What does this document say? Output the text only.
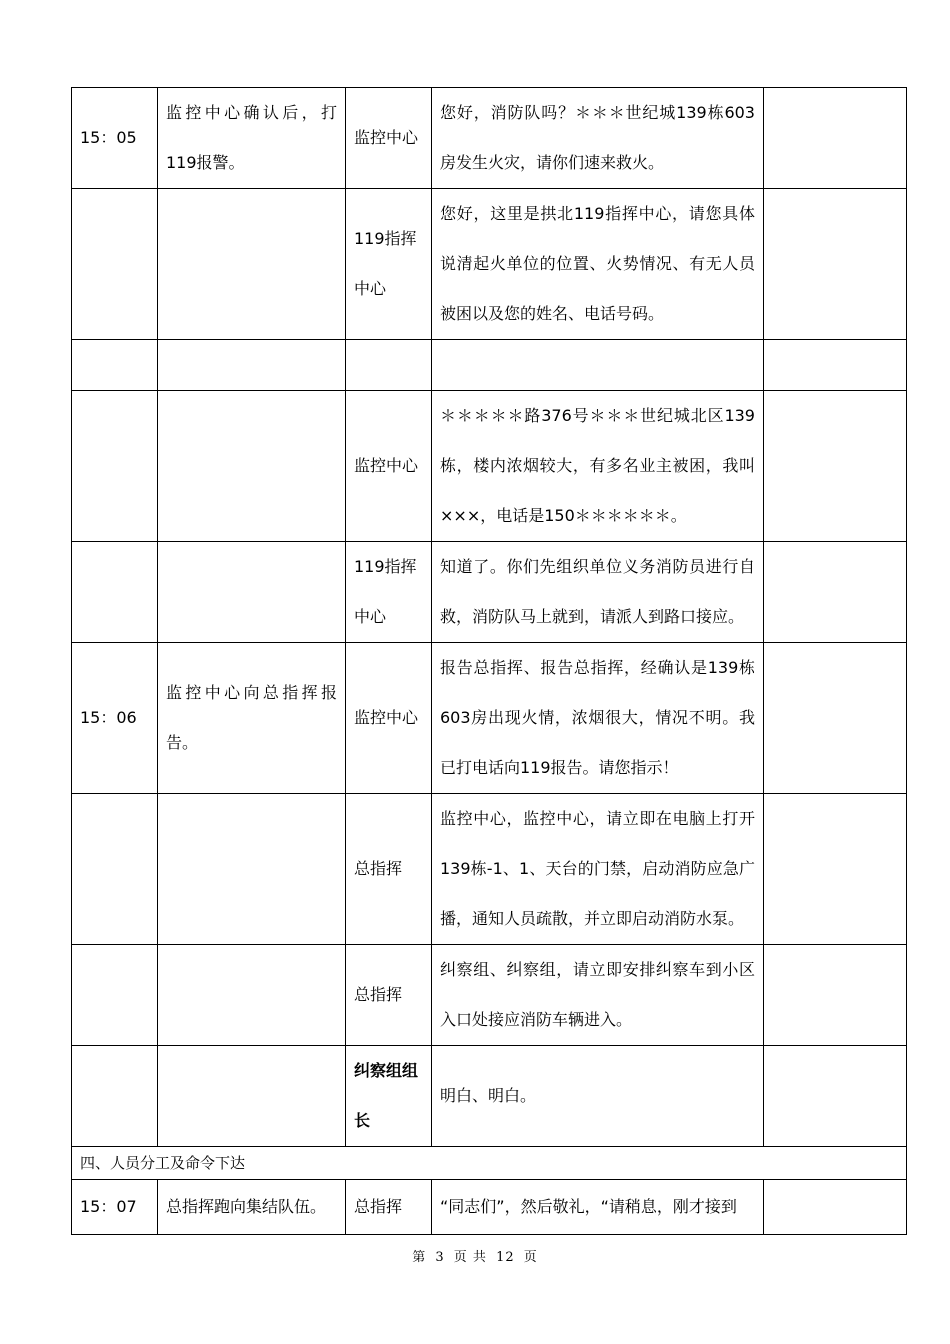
15：05	监控中心确认后，打119报警。	监控中心	您好，消防队吗？＊＊＊世纪城139栋603房发生火灾，请你们速来救火。	
		119指挥中心	您好，这里是拱北119指挥中心，请您具体说清起火单位的位置、火势情况、有无人员被困以及您的姓名、电话号码。	

		监控中心	＊＊＊＊＊路376号＊＊＊世纪城北区139栋，楼内浓烟较大，有多名业主被困，我叫×××，电话是150＊＊＊＊＊＊。	
		119指挥中心	知道了。你们先组织单位义务消防员进行自救，消防队马上就到，请派人到路口接应。	
15：06	监控中心向总指挥报告。	监控中心	报告总指挥、报告总指挥，经确认是139栋603房出现火情，浓烟很大，情况不明。我已打电话向119报告。请您指示！	
		总指挥	监控中心，监控中心，请立即在电脑上打开139栋-1、1、天台的门禁，启动消防应急广播，通知人员疏散，并立即启动消防水泵。	
		总指挥	纠察组、纠察组，请立即安排纠察车到小区入口处接应消防车辆进入。	
		纠察组组长	明白、明白。	
四、人员分工及命令下达				
15：07	总指挥跑向集结队伍。	总指挥	“同志们”，然后敬礼，“请稍息，刚才接到	
第 3 页 共 12 页
